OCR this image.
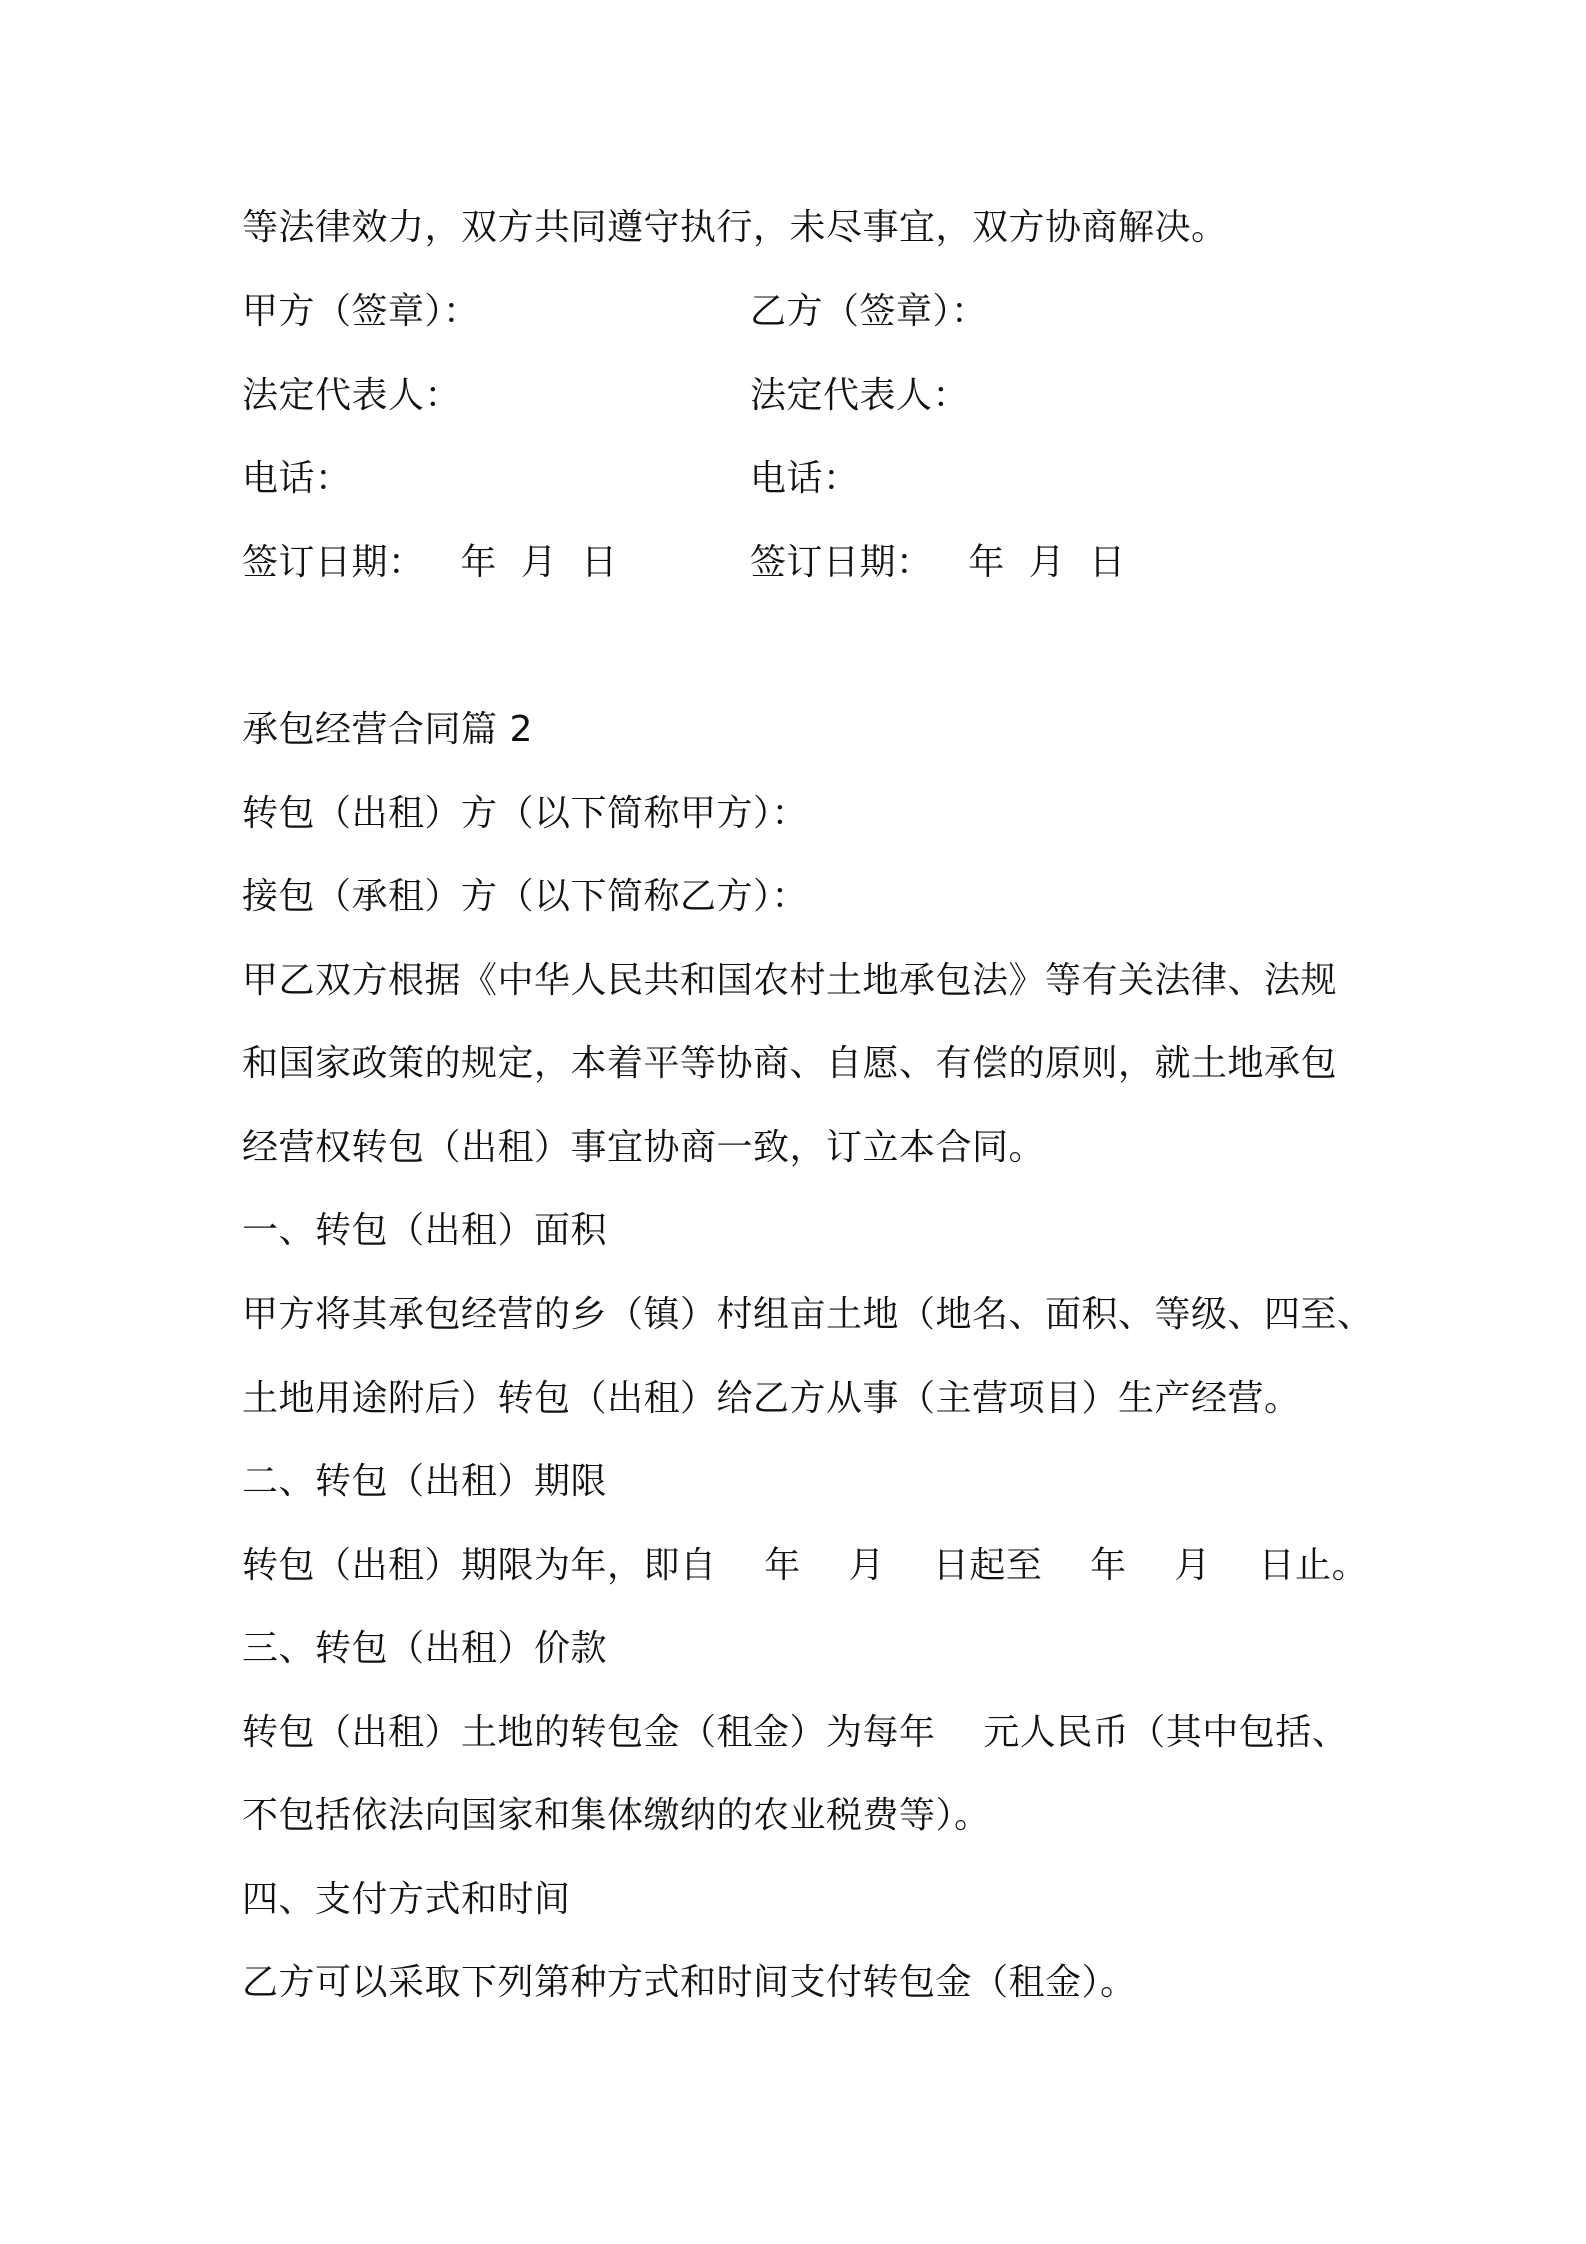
等法律效力，双方共同遵守执行，未尽事宜，双方协商解决。
甲方（签章）：	乙方（签章）：
法定代表人：	法定代表人：
电话：	电话：
签订日期：   年  月  日	签订日期：   年  月  日
承包经营合同篇 2
转包（出租）方（以下简称甲方）：
接包（承租）方（以下简称乙方）：
甲乙双方根据《中华人民共和国农村土地承包法》等有关法律、法规
和国家政策的规定，本着平等协商、自愿、有偿的原则，就土地承包
经营权转包（出租）事宜协商一致，订立本合同。
一、转包（出租）面积
甲方将其承包经营的乡（镇）村组亩土地（地名、面积、等级、四至、
土地用途附后）转包（出租）给乙方从事（主营项目）生产经营。
二、转包（出租）期限
转包（出租）期限为年，即自    年    月    日起至    年    月    日止。
三、转包（出租）价款
转包（出租）土地的转包金（租金）为每年    元人民币（其中包括、
不包括依法向国家和集体缴纳的农业税费等）。
四、支付方式和时间
乙方可以采取下列第种方式和时间支付转包金（租金）。
